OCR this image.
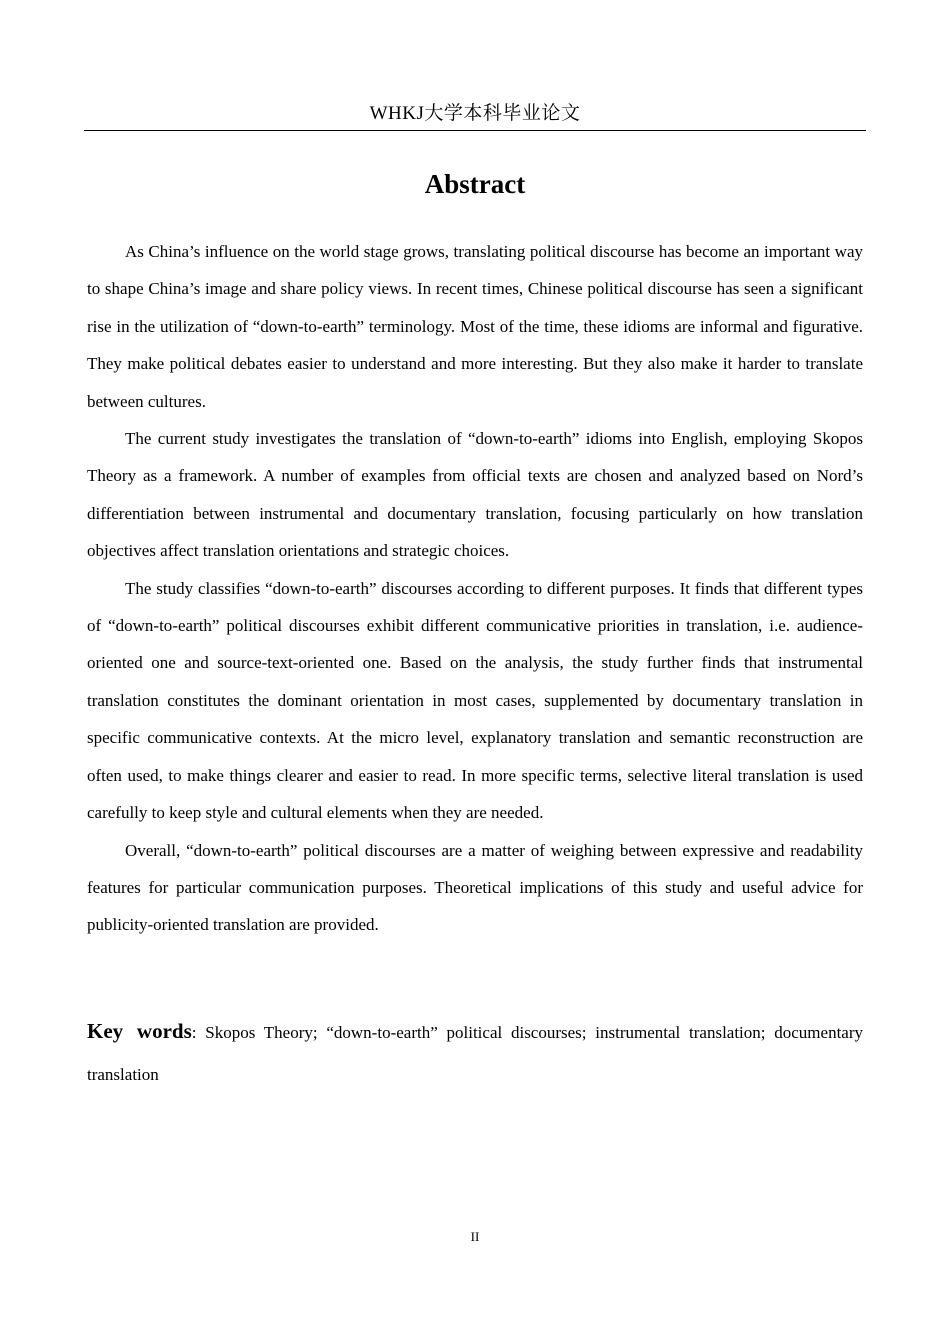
WHKJ大学本科毕业论文
Abstract

As China’s influence on the world stage grows, translating political discourse has become an important way to shape China’s image and share policy views. In recent times, Chinese political discourse has seen a significant rise in the utilization of “down-to-earth” terminology. Most of the time, these idioms are informal and figurative. They make political debates easier to understand and more interesting. But they also make it harder to translate between cultures.

The current study investigates the translation of “down-to-earth” idioms into English, employing Skopos Theory as a framework. A number of examples from official texts are chosen and analyzed based on Nord’s differentiation between instrumental and documentary translation, focusing particularly on how translation objectives affect translation orientations and strategic choices.

The study classifies “down-to-earth” discourses according to different purposes. It finds that different types of “down-to-earth” political discourses exhibit different communicative priorities in translation, i.e. audience-oriented one and source-text-oriented one. Based on the analysis, the study further finds that instrumental translation constitutes the dominant orientation in most cases, supplemented by documentary translation in specific communicative contexts. At the micro level, explanatory translation and semantic reconstruction are often used, to make things clearer and easier to read. In more specific terms, selective literal translation is used carefully to keep style and cultural elements when they are needed.

Overall, “down-to-earth” political discourses are a matter of weighing between expressive and readability features for particular communication purposes. Theoretical implications of this study and useful advice for publicity-oriented translation are provided.

Key words: Skopos Theory; “down-to-earth” political discourses; instrumental translation; documentary translation

II
